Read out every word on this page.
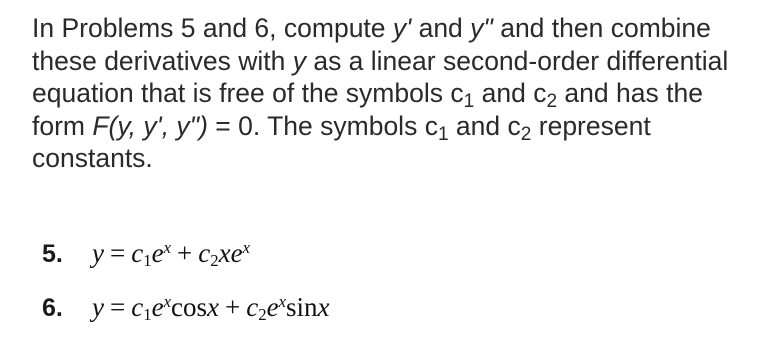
In Problems 5 and 6, compute y' and y" and then combine these derivatives with y as a linear second-order differential equation that is free of the symbols $c_1$ and $c_2$ and has the form F(y, y', y") = 0. The symbols $c_1$ and $c_2$ represent constants.
5. $y = c_1e^x + c_2xe^x$
6. $y = c_1e^x\cos x + c_2e^x\sin x$
